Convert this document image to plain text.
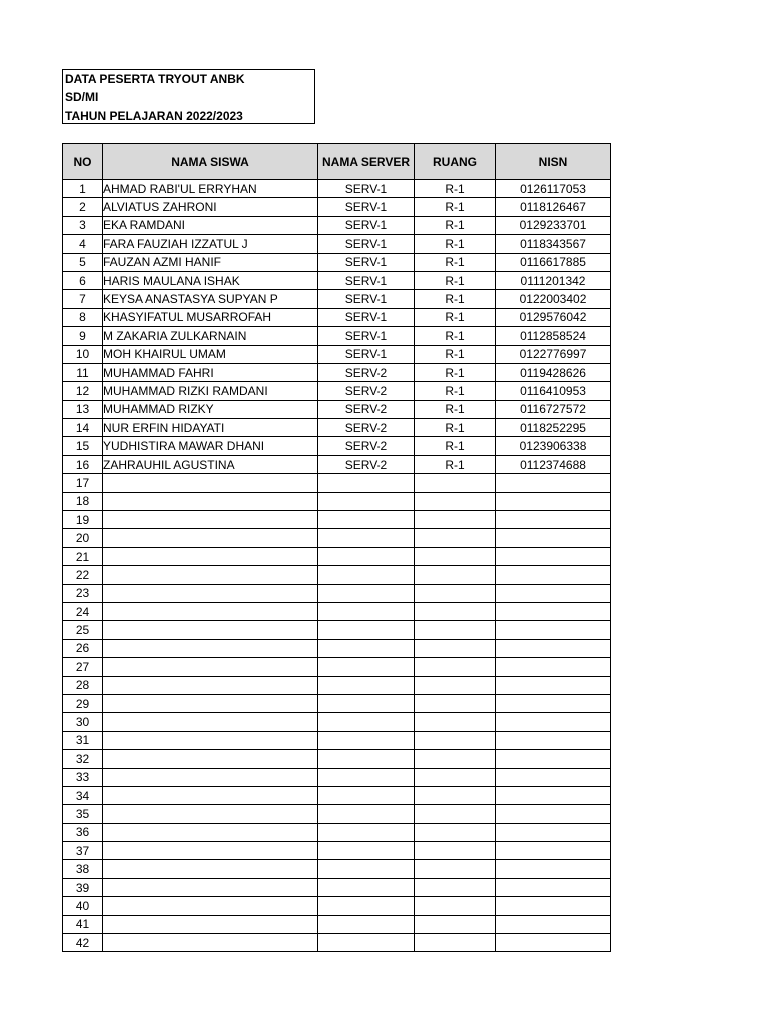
DATA PESERTA TRYOUT ANBK
SD/MI
TAHUN PELAJARAN 2022/2023
NO	NAMA SISWA	NAMA SERVER	RUANG	NISN
1	AHMAD RABI'UL ERRYHAN	SERV-1	R-1	0126117053
2	ALVIATUS ZAHRONI	SERV-1	R-1	0118126467
3	EKA RAMDANI	SERV-1	R-1	0129233701
4	FARA FAUZIAH IZZATUL J	SERV-1	R-1	0118343567
5	FAUZAN AZMI HANIF	SERV-1	R-1	0116617885
6	HARIS MAULANA ISHAK	SERV-1	R-1	0111201342
7	KEYSA ANASTASYA SUPYAN P	SERV-1	R-1	0122003402
8	KHASYIFATUL MUSARROFAH	SERV-1	R-1	0129576042
9	M ZAKARIA ZULKARNAIN	SERV-1	R-1	0112858524
10	MOH KHAIRUL UMAM	SERV-1	R-1	0122776997
11	MUHAMMAD FAHRI	SERV-2	R-1	0119428626
12	MUHAMMAD RIZKI RAMDANI	SERV-2	R-1	0116410953
13	MUHAMMAD RIZKY	SERV-2	R-1	0116727572
14	NUR ERFIN HIDAYATI	SERV-2	R-1	0118252295
15	YUDHISTIRA MAWAR DHANI	SERV-2	R-1	0123906338
16	ZAHRAUHIL AGUSTINA	SERV-2	R-1	0112374688
17				
18				
19				
20				
21				
22				
23				
24				
25				
26				
27				
28				
29				
30				
31				
32				
33				
34				
35				
36				
37				
38				
39				
40				
41				
42				
